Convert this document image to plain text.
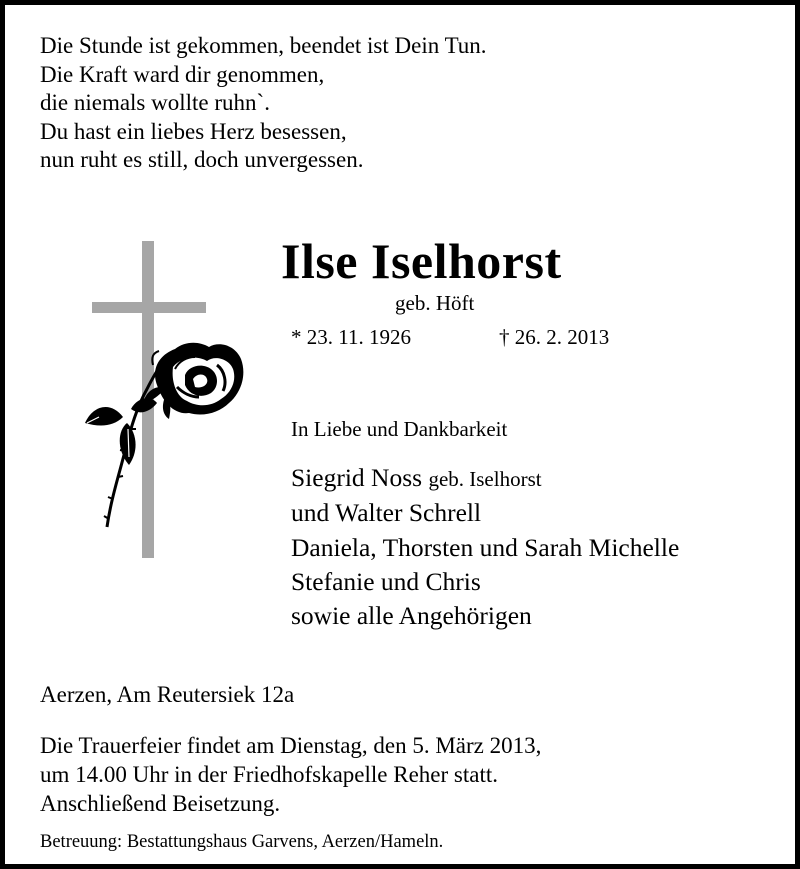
Die Stunde ist gekommen, beendet ist Dein Tun.
Die Kraft ward dir genommen,
die niemals wollte ruhn`.
Du hast ein liebes Herz besessen,
nun ruht es still, doch unvergessen.
Ilse Iselhorst
geb. Höft
* 23. 11. 1926	† 26. 2. 2013
In Liebe und Dankbarkeit
Siegrid Noss geb. Iselhorst
und Walter Schrell
Daniela, Thorsten und Sarah Michelle
Stefanie und Chris
sowie alle Angehörigen
Aerzen, Am Reutersiek 12a
Die Trauerfeier findet am Dienstag, den 5. März 2013,
um 14.00 Uhr in der Friedhofskapelle Reher statt.
Anschließend Beisetzung.
Betreuung: Bestattungshaus Garvens, Aerzen/Hameln.
